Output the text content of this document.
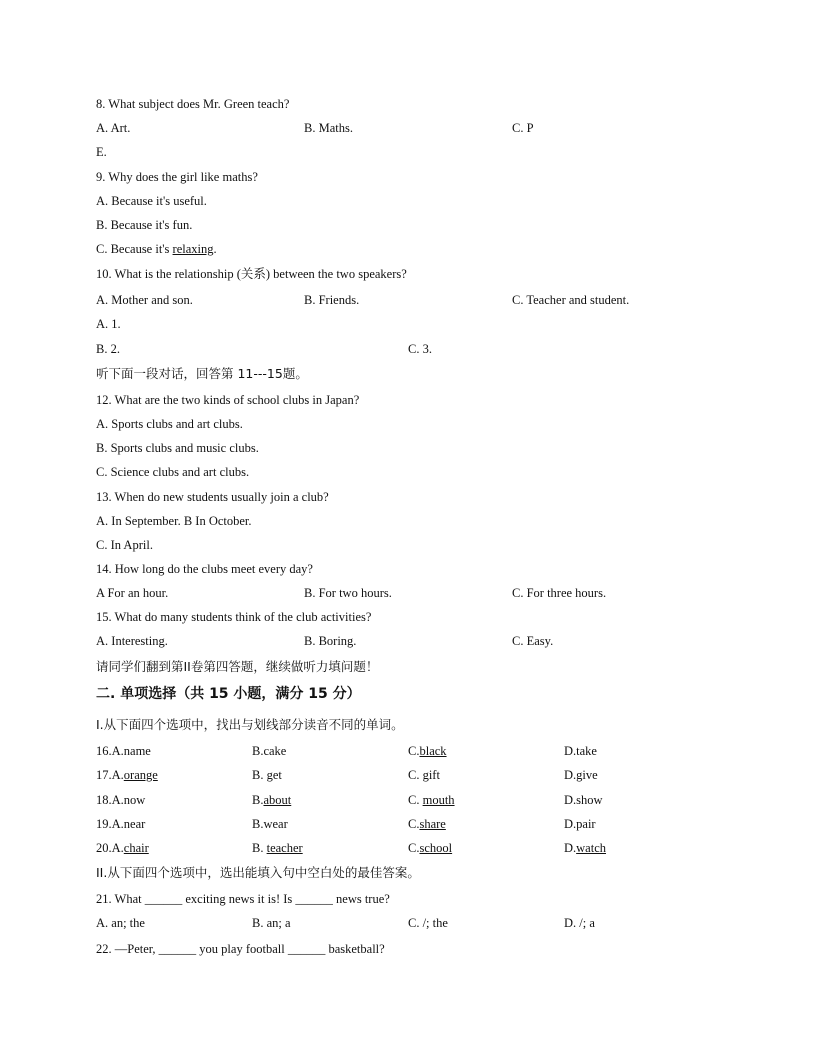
8. What subject does Mr. Green teach?
A. Art.	B. Maths.	C. P
E.
9. Why does the girl like maths?
A. Because it's useful.
B. Because it's fun.
C. Because it's relaxing.
10. What is the relationship (关系) between the two speakers?
A. Mother and son.	B. Friends.	C. Teacher and student.
A. 1.
B. 2.	C. 3.
听下面一段对话，回答第 11---15题。
12. What are the two kinds of school clubs in Japan?
A. Sports clubs and art clubs.
B. Sports clubs and music clubs.
C. Science clubs and art clubs.
13. When do new students usually join a club?
A. In September. B In October.
C. In April.
14. How long do the clubs meet every day?
A For an hour.	B. For two hours.	C. For three hours.
15. What do many students think of the club activities?
A. Interesting.	B. Boring.	C. Easy.
请同学们翻到第II卷第四答题，继续做听力填问题！
二. 单项选择（共 15 小题，满分 15 分）
I.从下面四个选项中，找出与划线部分读音不同的单词。
16.A.name	B.cake	C.black	D.take
17.A.orange	B. get	C. gift	D.give
18.A.now	B.about	C. mouth	D.show
19.A.near	B.wear	C.share	D.pair
20.A.chair	B. teacher	C.school	D.watch
II.从下面四个选项中，选出能填入句中空白处的最佳答案。
21. What ______ exciting news it is! Is ______ news true?
A. an; the	B. an; a	C. /; the	D. /; a
22. —Peter, ______ you play football ______ basketball?
